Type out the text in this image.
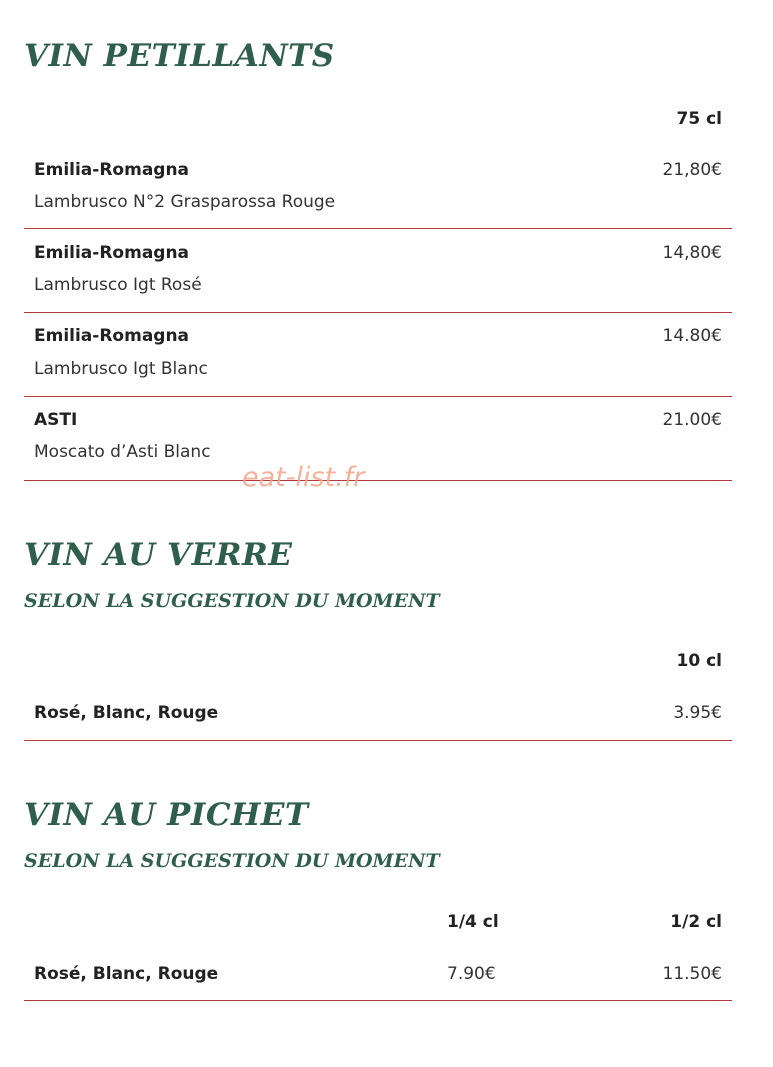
VIN PETILLANTS
75 cl
Emilia-Romagna
Lambrusco N°2 Grasparossa Rouge
21,80€
Emilia-Romagna
Lambrusco Igt Rosé
14,80€
Emilia-Romagna
Lambrusco Igt Blanc
14.80€
ASTI
Moscato d’Asti Blanc
21.00€
eat-list.fr
VIN AU VERRE
SELON LA SUGGESTION DU MOMENT
10 cl
Rosé, Blanc, Rouge	3.95€
VIN AU PICHET
SELON LA SUGGESTION DU MOMENT
1/4 cl	1/2 cl
Rosé, Blanc, Rouge	7.90€	11.50€
